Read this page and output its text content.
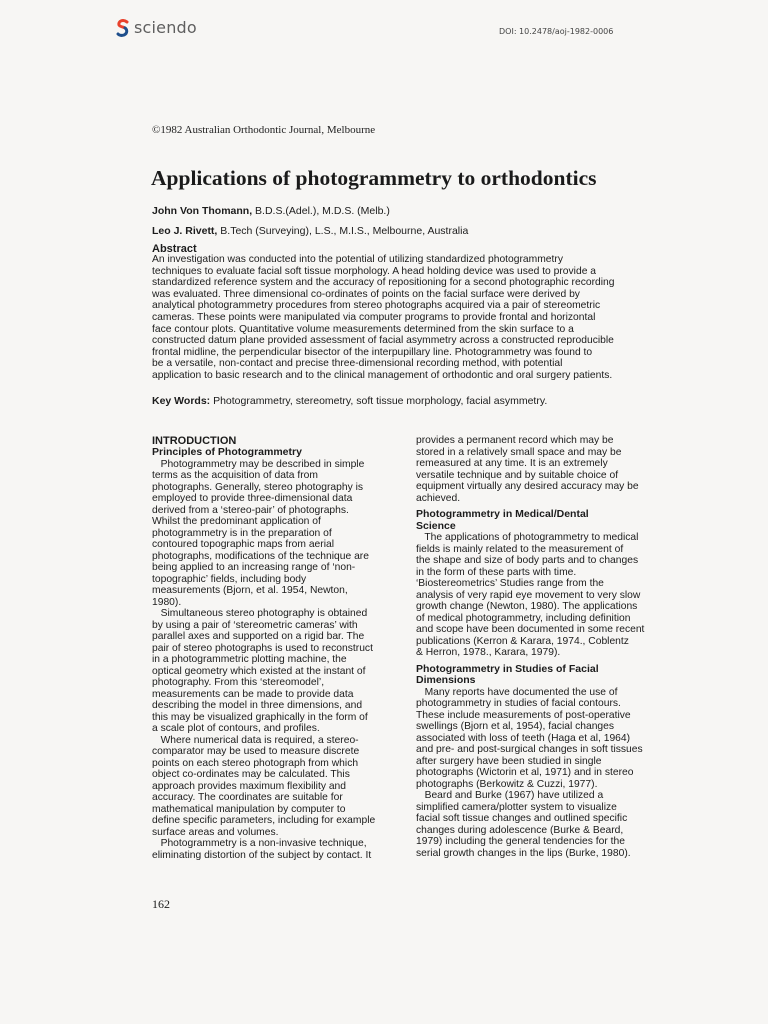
sciendo	DOI: 10.2478/aoj-1982-0006
©1982 Australian Orthodontic Journal, Melbourne
Applications of photogrammetry to orthodontics
John Von Thomann, B.D.S.(Adel.), M.D.S. (Melb.)
Leo J. Rivett, B.Tech (Surveying), L.S., M.I.S., Melbourne, Australia
Abstract
An investigation was conducted into the potential of utilizing standardized photogrammetry
techniques to evaluate facial soft tissue morphology. A head holding device was used to provide a
standardized reference system and the accuracy of repositioning for a second photographic recording
was evaluated. Three dimensional co-ordinates of points on the facial surface were derived by
analytical photogrammetry procedures from stereo photographs acquired via a pair of stereometric
cameras. These points were manipulated via computer programs to provide frontal and horizontal
face contour plots. Quantitative volume measurements determined from the skin surface to a
constructed datum plane provided assessment of facial asymmetry across a constructed reproducible
frontal midline, the perpendicular bisector of the interpupillary line. Photogrammetry was found to
be a versatile, non-contact and precise three-dimensional recording method, with potential
application to basic research and to the clinical management of orthodontic and oral surgery patients.
Key Words: Photogrammetry, stereometry, soft tissue morphology, facial asymmetry.
INTRODUCTION
Principles of Photogrammetry
Photogrammetry may be described in simple
terms as the acquisition of data from
photographs. Generally, stereo photography is
employed to provide three-dimensional data
derived from a ‘stereo-pair’ of photographs.
Whilst the predominant application of
photogrammetry is in the preparation of
contoured topographic maps from aerial
photographs, modifications of the technique are
being applied to an increasing range of ‘non-
topographic’ fields, including body
measurements (Bjorn, et al. 1954, Newton,
1980).
Simultaneous stereo photography is obtained
by using a pair of ‘stereometric cameras’ with
parallel axes and supported on a rigid bar. The
pair of stereo photographs is used to reconstruct
in a photogrammetric plotting machine, the
optical geometry which existed at the instant of
photography. From this ‘stereomodel’,
measurements can be made to provide data
describing the model in three dimensions, and
this may be visualized graphically in the form of
a scale plot of contours, and profiles.
Where numerical data is required, a stereo-
comparator may be used to measure discrete
points on each stereo photograph from which
object co-ordinates may be calculated. This
approach provides maximum flexibility and
accuracy. The coordinates are suitable for
mathematical manipulation by computer to
define specific parameters, including for example
surface areas and volumes.
Photogrammetry is a non-invasive technique,
eliminating distortion of the subject by contact. It
provides a permanent record which may be
stored in a relatively small space and may be
remeasured at any time. It is an extremely
versatile technique and by suitable choice of
equipment virtually any desired accuracy may be
achieved.
Photogrammetry in Medical/Dental
Science
The applications of photogrammetry to medical
fields is mainly related to the measurement of
the shape and size of body parts and to changes
in the form of these parts with time.
‘Biostereometrics’ Studies range from the
analysis of very rapid eye movement to very slow
growth change (Newton, 1980). The applications
of medical photogrammetry, including definition
and scope have been documented in some recent
publications (Kerron & Karara, 1974., Coblentz
& Herron, 1978., Karara, 1979).
Photogrammetry in Studies of Facial
Dimensions
Many reports have documented the use of
photogrammetry in studies of facial contours.
These include measurements of post-operative
swellings (Bjorn et al, 1954), facial changes
associated with loss of teeth (Haga et al, 1964)
and pre- and post-surgical changes in soft tissues
after surgery have been studied in single
photographs (Wictorin et al, 1971) and in stereo
photographs (Berkowitz & Cuzzi, 1977).
Beard and Burke (1967) have utilized a
simplified camera/plotter system to visualize
facial soft tissue changes and outlined specific
changes during adolescence (Burke & Beard,
1979) including the general tendencies for the
serial growth changes in the lips (Burke, 1980).
162
